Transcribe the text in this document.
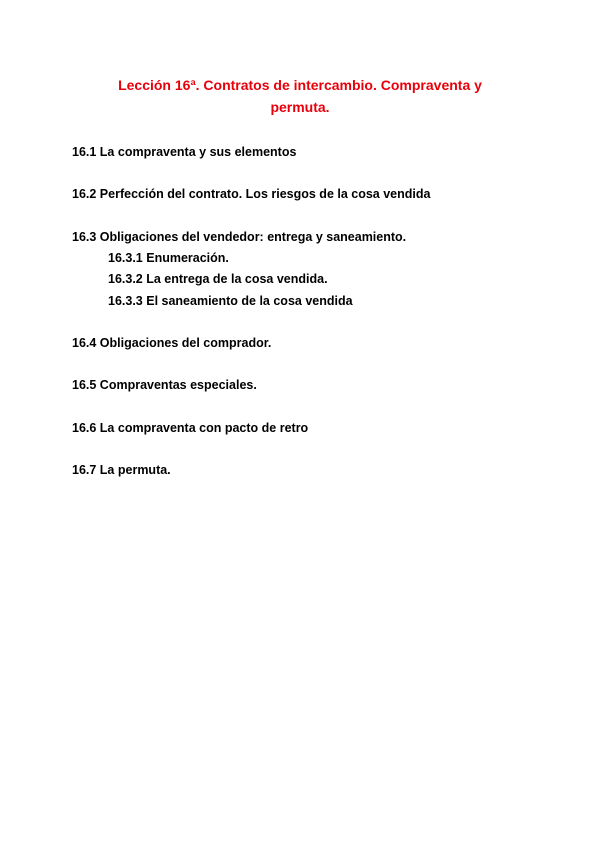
Lección 16ª. Contratos de intercambio. Compraventa y
permuta.
16.1 La compraventa y sus elementos
16.2 Perfección del contrato. Los riesgos de la cosa vendida
16.3 Obligaciones del vendedor: entrega y saneamiento.
16.3.1 Enumeración.
16.3.2 La entrega de la cosa vendida.
16.3.3 El saneamiento de la cosa vendida
16.4 Obligaciones del comprador.
16.5 Compraventas especiales.
16.6 La compraventa con pacto de retro
16.7 La permuta.
